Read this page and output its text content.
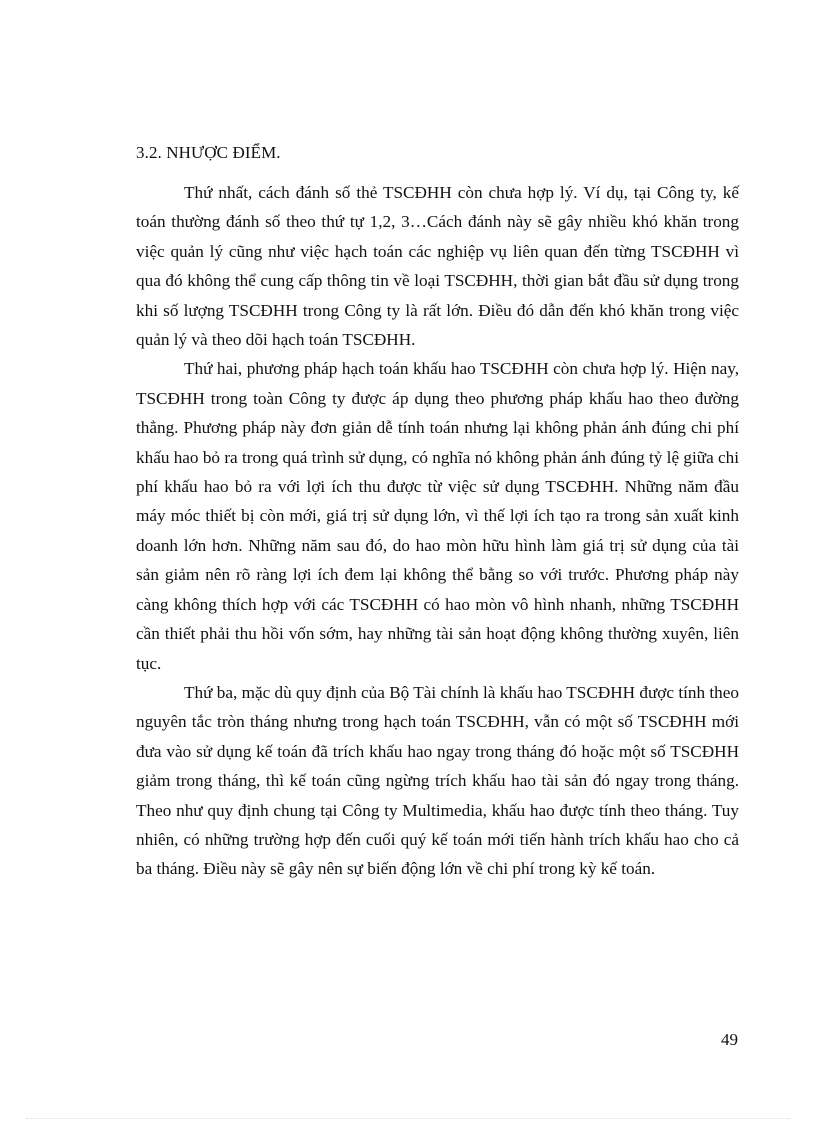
3.2. NHƯỢC ĐIỂM.

Thứ nhất, cách đánh số thẻ TSCĐHH còn chưa hợp lý. Ví dụ, tại Công ty, kế toán thường đánh số theo thứ tự 1,2, 3…Cách đánh này sẽ gây nhiều khó khăn trong việc quản lý cũng như việc hạch toán các nghiệp vụ liên quan đến từng TSCĐHH vì qua đó không thể cung cấp thông tin về loại TSCĐHH, thời gian bắt đầu sử dụng trong khi số lượng TSCĐHH trong Công ty là rất lớn. Điều đó dẫn đến khó khăn trong việc quản lý và theo dõi hạch toán TSCĐHH.

Thứ hai, phương pháp hạch toán khấu hao TSCĐHH còn chưa hợp lý. Hiện nay, TSCĐHH trong toàn Công ty được áp dụng theo phương pháp khấu hao theo đường thẳng. Phương pháp này đơn giản dễ tính toán nhưng lại không phản ánh đúng chi phí khấu hao bỏ ra trong quá trình sử dụng, có nghĩa nó không phản ánh đúng tỷ lệ giữa chi phí khấu hao bỏ ra với lợi ích thu được từ việc sử dụng TSCĐHH. Những năm đầu máy móc thiết bị còn mới, giá trị sử dụng lớn, vì thế lợi ích tạo ra trong sản xuất kinh doanh lớn hơn. Những năm sau đó, do hao mòn hữu hình làm giá trị sử dụng của tài sản giảm nên rõ ràng lợi ích đem lại không thể bằng so với trước. Phương pháp này càng không thích hợp với các TSCĐHH có hao mòn vô hình nhanh, những TSCĐHH cần thiết phải thu hồi vốn sớm, hay những tài sản hoạt động không thường xuyên, liên tục.

Thứ ba, mặc dù quy định của Bộ Tài chính là khấu hao TSCĐHH được tính theo nguyên tắc tròn tháng nhưng trong hạch toán TSCĐHH, vẫn có một số TSCĐHH mới đưa vào sử dụng kế toán đã trích khấu hao ngay trong tháng đó hoặc một số TSCĐHH giảm trong tháng, thì kế toán cũng ngừng trích khấu hao tài sản đó ngay trong tháng. Theo như quy định chung tại Công ty Multimedia, khấu hao được tính theo tháng. Tuy nhiên, có những trường hợp đến cuối quý kế toán mới tiến hành trích khấu hao cho cả ba tháng. Điều này sẽ gây nên sự biến động lớn về chi phí trong kỳ kế toán.

49
